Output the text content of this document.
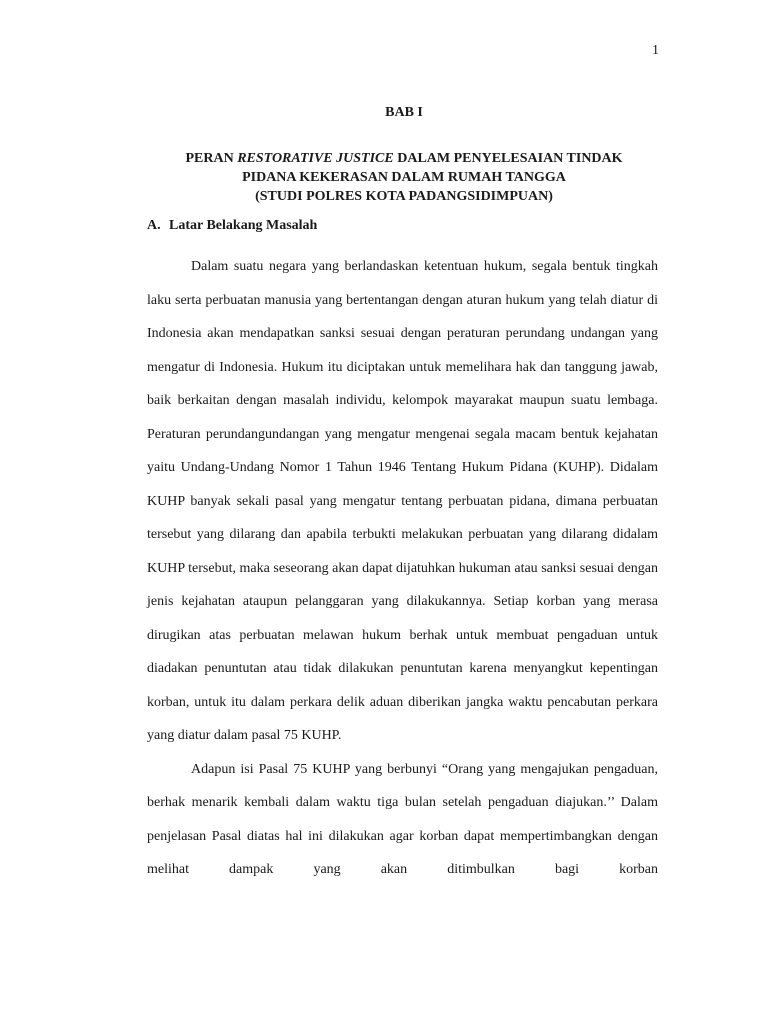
1
BAB I
PERAN RESTORATIVE JUSTICE DALAM PENYELESAIAN TINDAK
PIDANA KEKERASAN DALAM RUMAH TANGGA
(STUDI POLRES KOTA PADANGSIDIMPUAN)
A. Latar Belakang Masalah

Dalam suatu negara yang berlandaskan ketentuan hukum, segala bentuk tingkah laku serta perbuatan manusia yang bertentangan dengan aturan hukum yang telah diatur di Indonesia akan mendapatkan sanksi sesuai dengan peraturan perundang undangan yang mengatur di Indonesia. Hukum itu diciptakan untuk memelihara hak dan tanggung jawab, baik berkaitan dengan masalah individu, kelompok mayarakat maupun suatu lembaga. Peraturan perundangundangan yang mengatur mengenai segala macam bentuk kejahatan yaitu Undang-Undang Nomor 1 Tahun 1946 Tentang Hukum Pidana (KUHP). Didalam KUHP banyak sekali pasal yang mengatur tentang perbuatan pidana, dimana perbuatan tersebut yang dilarang dan apabila terbukti melakukan perbuatan yang dilarang didalam KUHP tersebut, maka seseorang akan dapat dijatuhkan hukuman atau sanksi sesuai dengan jenis kejahatan ataupun pelanggaran yang dilakukannya. Setiap korban yang merasa dirugikan atas perbuatan melawan hukum berhak untuk membuat pengaduan untuk diadakan penuntutan atau tidak dilakukan penuntutan karena menyangkut kepentingan korban, untuk itu dalam perkara delik aduan diberikan jangka waktu pencabutan perkara yang diatur dalam pasal 75 KUHP.

Adapun isi Pasal 75 KUHP yang berbunyi “Orang yang mengajukan pengaduan, berhak menarik kembali dalam waktu tiga bulan setelah pengaduan diajukan.’’ Dalam penjelasan Pasal diatas hal ini dilakukan agar korban dapat mempertimbangkan dengan melihat dampak yang akan ditimbulkan bagi korban
